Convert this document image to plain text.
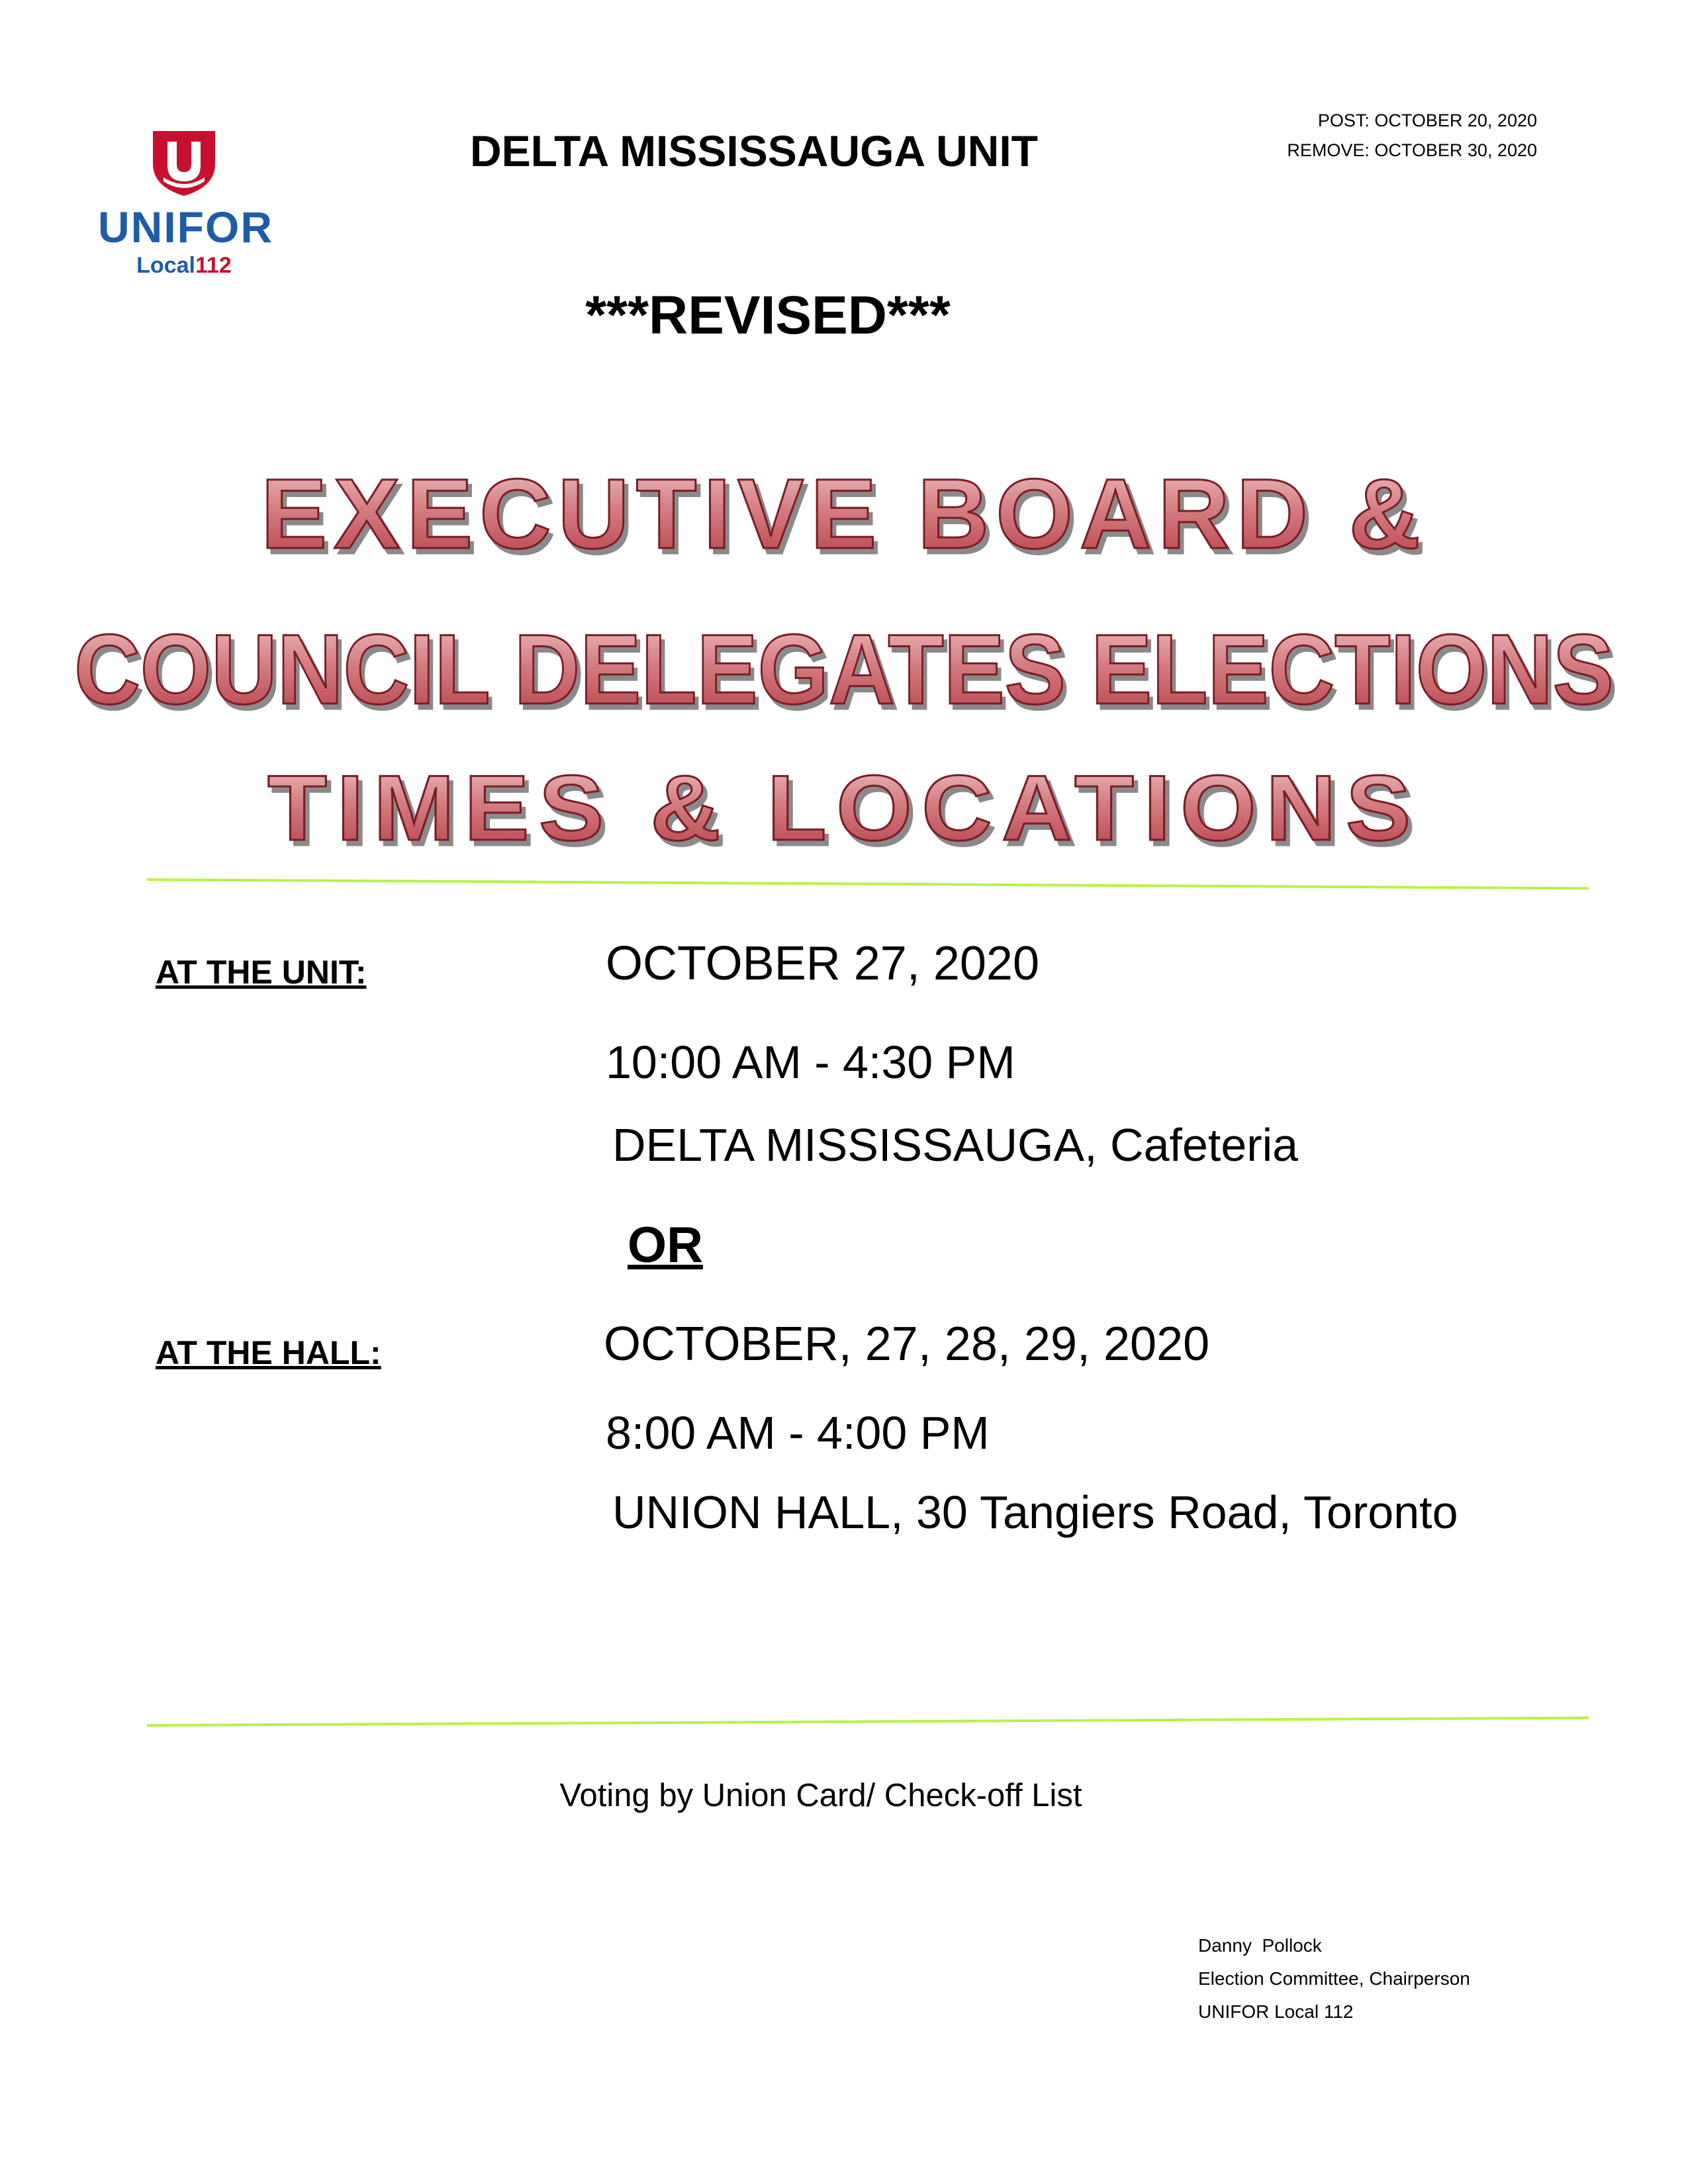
UNIFOR
Local112
DELTA MISSISSAUGA UNIT
POST: OCTOBER 20, 2020
REMOVE: OCTOBER 30, 2020
***REVISED***
EXECUTIVE BOARD &
COUNCIL DELEGATES ELECTIONS
TIMES & LOCATIONS
AT THE UNIT:	OCTOBER 27, 2020
10:00 AM - 4:30 PM
DELTA MISSISSAUGA, Cafeteria
OR
AT THE HALL:	OCTOBER, 27, 28, 29, 2020
8:00 AM - 4:00 PM
UNION HALL, 30 Tangiers Road, Toronto
Voting by Union Card/ Check-off List
Danny  Pollock
Election Committee, Chairperson
UNIFOR Local 112
